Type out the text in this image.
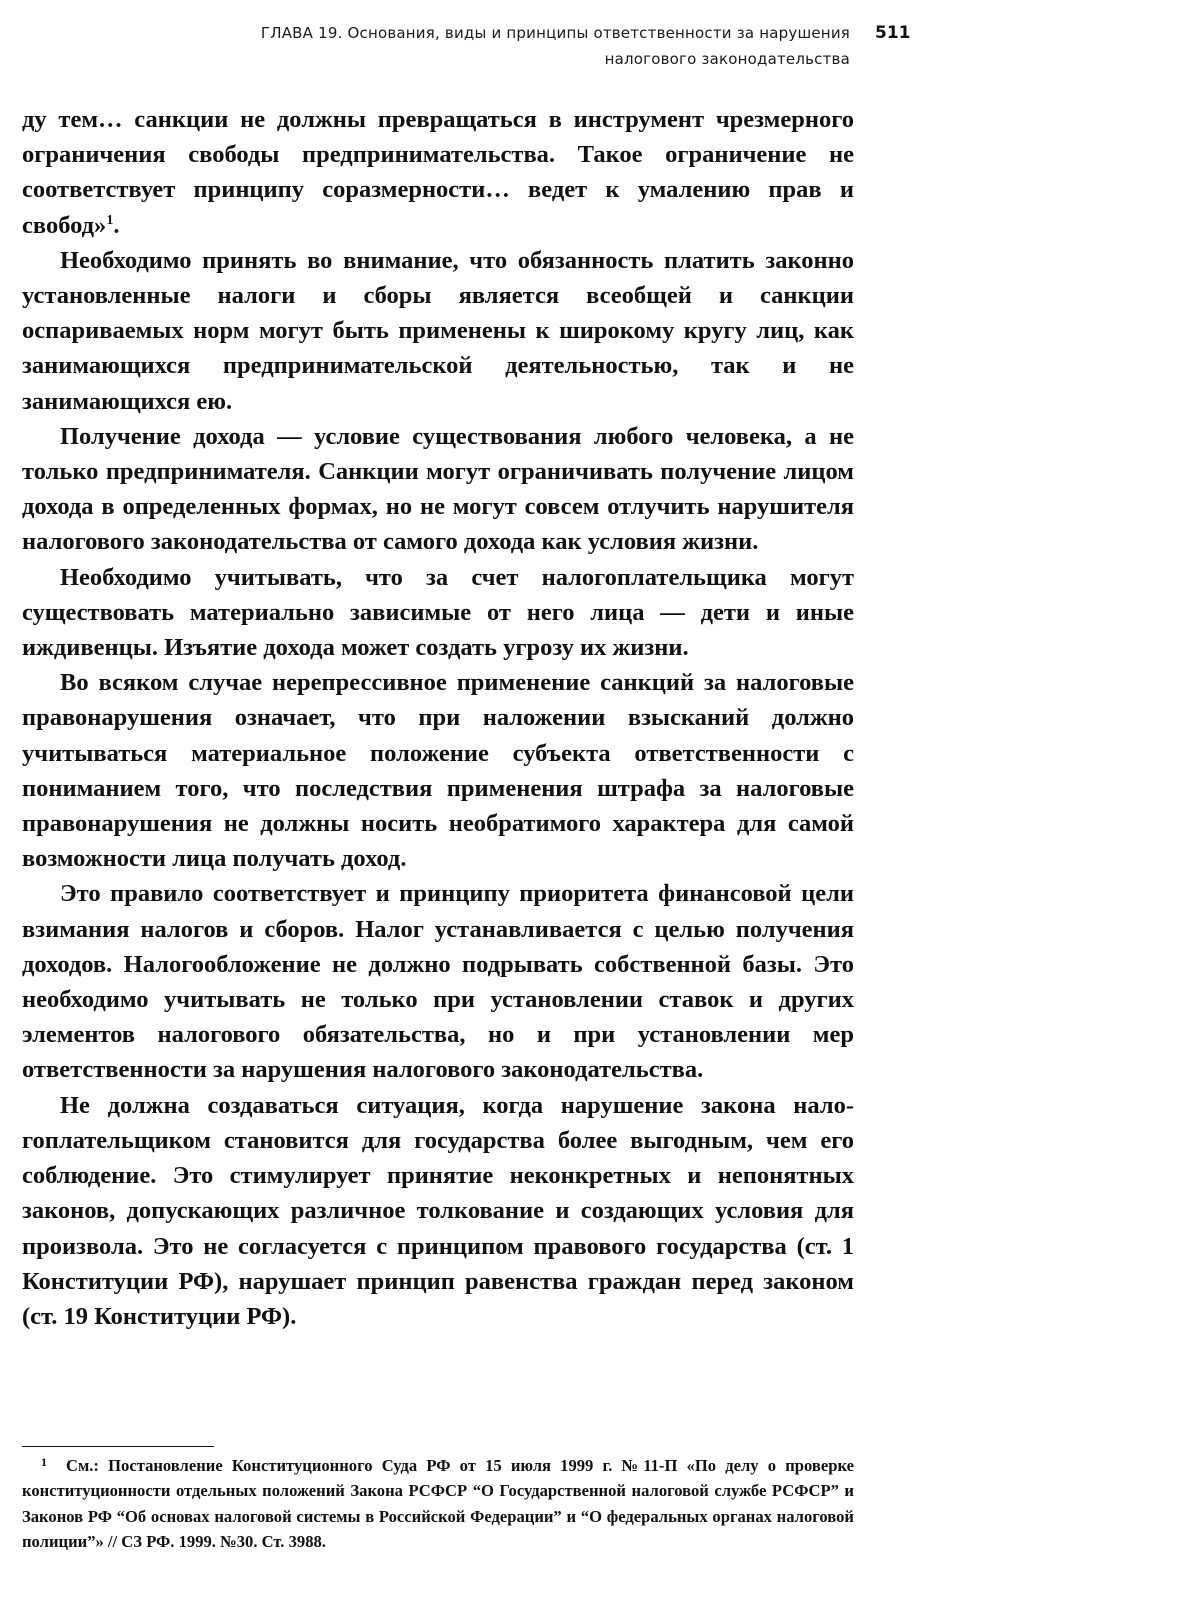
ГЛАВА 19. Основания, виды и принципы ответственности за нарушения
налогового законодательства
511

ду тем… санкции не должны превращаться в инструмент чрезмерного ограничения свободы предпринимательства. Такое ограничение не соответствует принципу соразмерности… ведет к умалению прав и свобод»$^1$.

Необходимо принять во внимание, что обязанность платить законно установленные налоги и сборы является всеобщей и санкции оспариваемых норм могут быть применены к широкому кругу лиц, как занимающихся предпринимательской деятельностью, так и не занимающихся ею.

Получение дохода — условие существования любого человека, а не только предпринимателя. Санкции могут ограничивать получение лицом дохода в определенных формах, но не могут совсем отлучить нарушителя налогового законодательства от самого дохода как условия жизни.

Необходимо учитывать, что за счет налогоплательщика могут существовать материально зависимые от него лица — дети и иные иждивенцы. Изъятие дохода может создать угрозу их жизни.

Во всяком случае нерепрессивное применение санкций за налоговые правонарушения означает, что при наложении взысканий должно учитываться материальное положение субъекта ответственности с пониманием того, что последствия применения штрафа за налоговые правонарушения не должны носить необратимого характера для самой возможности лица получать доход.

Это правило соответствует и принципу приоритета финансовой цели взимания налогов и сборов. Налог устанавливается с целью получения доходов. Налогообложение не должно подрывать собственной базы. Это необходимо учитывать не только при установлении ставок и других элементов налогового обязательства, но и при установлении мер ответственности за нарушения налогового законодательства.

Не должна создаваться ситуация, когда нарушение закона налогоплательщиком становится для государства более выгодным, чем его соблюдение. Это стимулирует принятие неконкретных и непонятных законов, допускающих различное толкование и создающих условия для произвола. Это не согласуется с принципом правового государства (ст. 1 Конституции РФ), нарушает принцип равенства граждан перед законом (ст. 19 Конституции РФ).

1 См.: Постановление Конституционного Суда РФ от 15 июля 1999 г. №11-П «По делу о проверке конституционности отдельных положений Закона РСФСР “О Государственной налоговой службе РСФСР” и Законов РФ “Об основах налоговой системы в Российской Федерации” и “О федеральных органах налоговой полиции”» // СЗ РФ. 1999. №30. Ст. 3988.
